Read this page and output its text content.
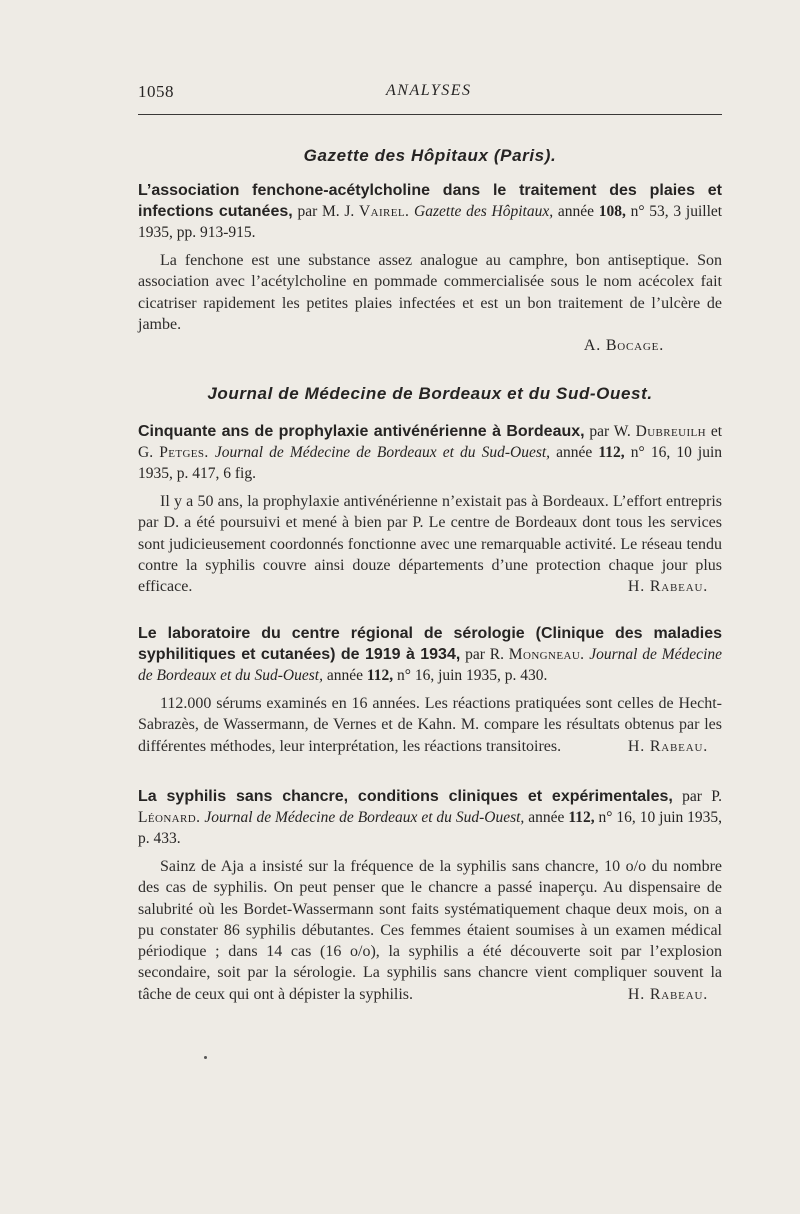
1058	ANALYSES
Gazette des Hôpitaux (Paris).

L’association fenchone-acétylcholine dans le traitement des plaies et infections cutanées, par M. J. Vairel. Gazette des Hôpitaux, année 108, n° 53, 3 juillet 1935, pp. 913-915.

La fenchone est une substance assez analogue au camphre, bon antiseptique. Son association avec l’acétylcholine en pommade commercialisée sous le nom acécolex fait cicatriser rapidement les petites plaies infectées et est un bon traitement de l’ulcère de jambe.

A. Bocage.

Journal de Médecine de Bordeaux et du Sud-Ouest.

Cinquante ans de prophylaxie antivénérienne à Bordeaux, par W. Dubreuilh et G. Petges. Journal de Médecine de Bordeaux et du Sud-Ouest, année 112, n° 16, 10 juin 1935, p. 417, 6 fig.

Il y a 50 ans, la prophylaxie antivénérienne n’existait pas à Bordeaux. L’effort entrepris par D. a été poursuivi et mené à bien par P. Le centre de Bordeaux dont tous les services sont judicieusement coordonnés fonctionne avec une remarquable activité. Le réseau tendu contre la syphilis couvre ainsi douze départements d’une protection chaque jour plus efficace.	H. Rabeau.

Le laboratoire du centre régional de sérologie (Clinique des maladies syphilitiques et cutanées) de 1919 à 1934, par R. Mongneau. Journal de Médecine de Bordeaux et du Sud-Ouest, année 112, n° 16, juin 1935, p. 430.

112.000 sérums examinés en 16 années. Les réactions pratiquées sont celles de Hecht-Sabrazès, de Wassermann, de Vernes et de Kahn. M. compare les résultats obtenus par les différentes méthodes, leur interprétation, les réactions transitoires.	H. Rabeau.

La syphilis sans chancre, conditions cliniques et expérimentales, par P. Léonard. Journal de Médecine de Bordeaux et du Sud-Ouest, année 112, n° 16, 10 juin 1935, p. 433.

Sainz de Aja a insisté sur la fréquence de la syphilis sans chancre, 10 o/o du nombre des cas de syphilis. On peut penser que le chancre a passé inaperçu. Au dispensaire de salubrité où les Bordet-Wassermann sont faits systématiquement chaque deux mois, on a pu constater 86 syphilis débutantes. Ces femmes étaient soumises à un examen médical périodique ; dans 14 cas (16 o/o), la syphilis a été découverte soit par l’explosion secondaire, soit par la sérologie. La syphilis sans chancre vient compliquer souvent la tâche de ceux qui ont à dépister la syphilis.	H. Rabeau.
